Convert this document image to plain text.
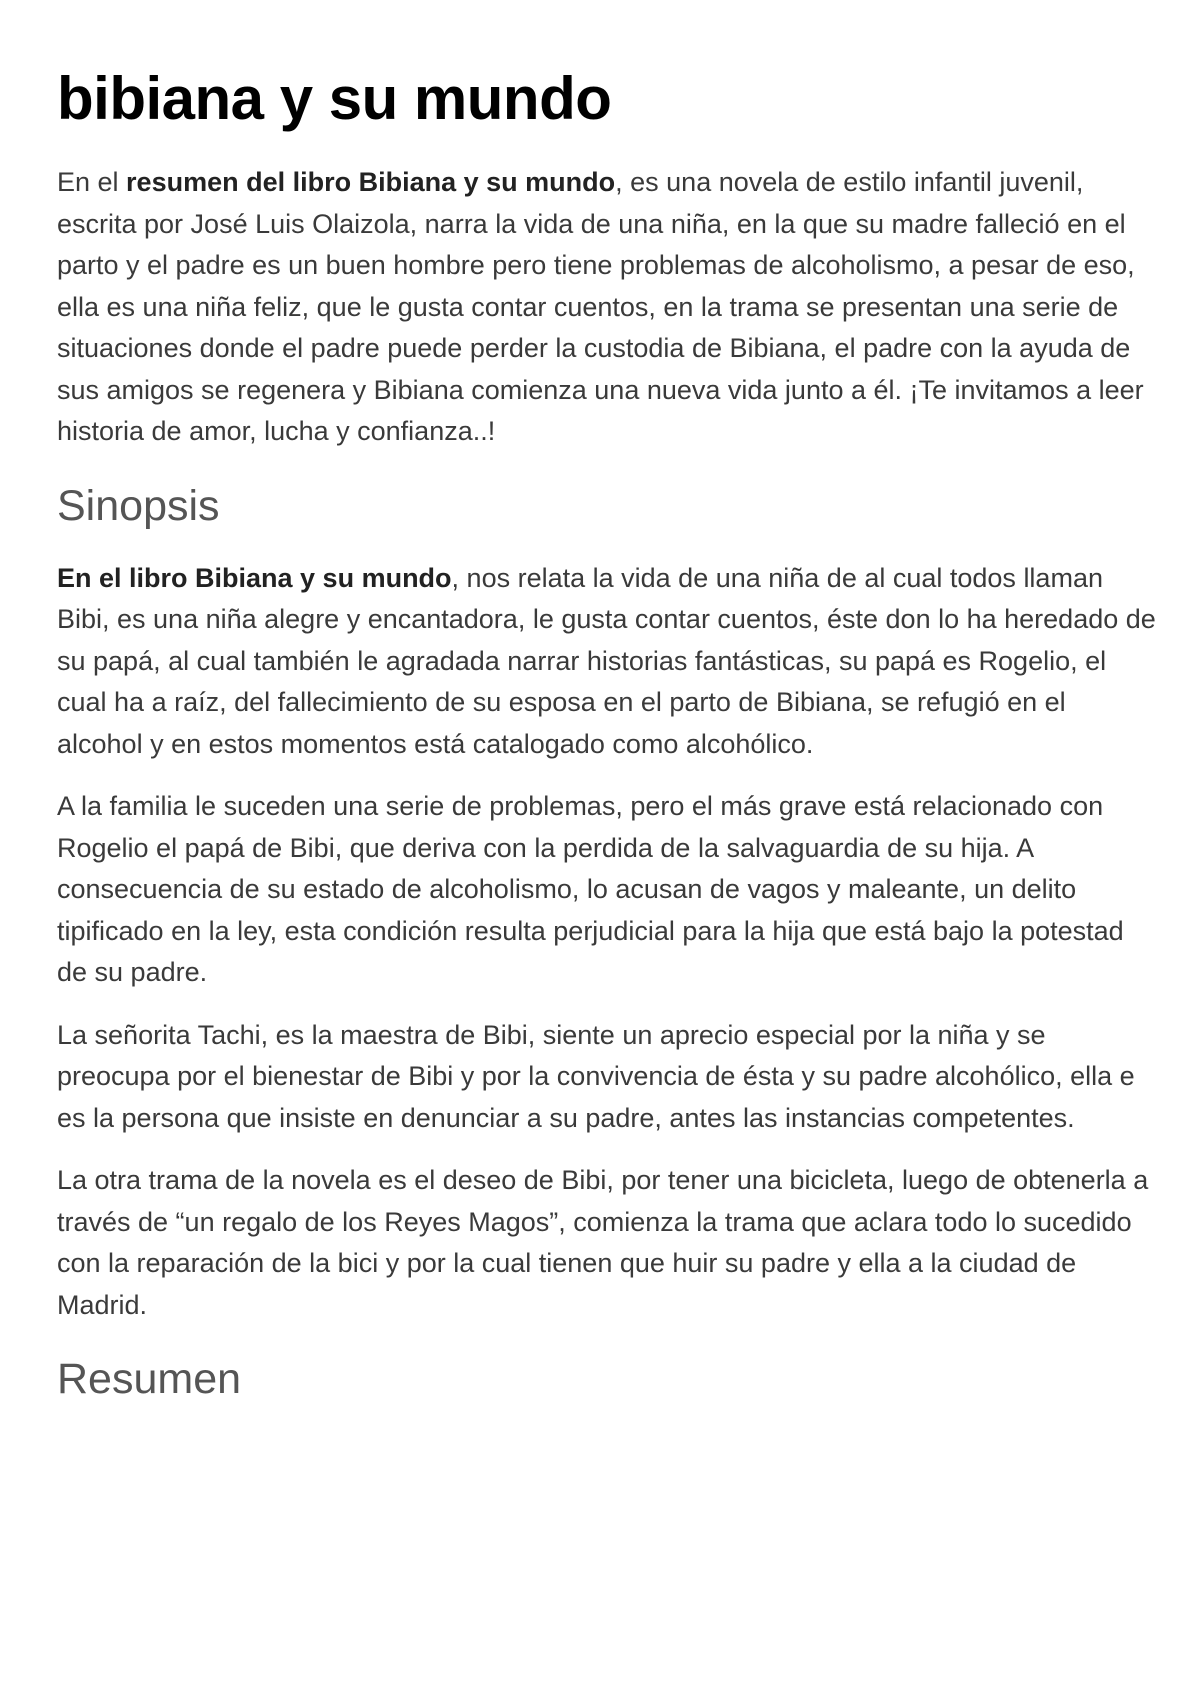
bibiana y su mundo

En el resumen del libro Bibiana y su mundo, es una novela de estilo infantil juvenil, escrita por José Luis Olaizola, narra la vida de una niña, en la que su madre falleció en el parto y el padre es un buen hombre pero tiene problemas de alcoholismo, a pesar de eso, ella es una niña feliz, que le gusta contar cuentos, en la trama se presentan una serie de situaciones donde el padre puede perder la custodia de Bibiana, el padre con la ayuda de sus amigos se regenera y Bibiana comienza una nueva vida junto a él. ¡Te invitamos a leer historia de amor, lucha y confianza..!

Sinopsis

En el libro Bibiana y su mundo, nos relata la vida de una niña de al cual todos llaman Bibi, es una niña alegre y encantadora, le gusta contar cuentos, éste don lo ha heredado de su papá, al cual también le agradada narrar historias fantásticas, su papá es Rogelio, el cual ha a raíz, del fallecimiento de su esposa en el parto de Bibiana, se refugió en el alcohol y en estos momentos está catalogado como alcohólico.

A la familia le suceden una serie de problemas, pero el más grave está relacionado con Rogelio el papá de Bibi, que deriva con la perdida de la salvaguardia de su hija. A consecuencia de su estado de alcoholismo, lo acusan de vagos y maleante, un delito tipificado en la ley, esta condición resulta perjudicial para la hija que está bajo la potestad de su padre.

La señorita Tachi, es la maestra de Bibi, siente un aprecio especial por la niña y se preocupa por el bienestar de Bibi y por la convivencia de ésta y su padre alcohólico, ella e es la persona que insiste en denunciar a su padre, antes las instancias competentes.

La otra trama de la novela es el deseo de Bibi, por tener una bicicleta, luego de obtenerla a través de “un regalo de los Reyes Magos”, comienza la trama que aclara todo lo sucedido con la reparación de la bici y por la cual tienen que huir su padre y ella a la ciudad de Madrid.

Resumen
